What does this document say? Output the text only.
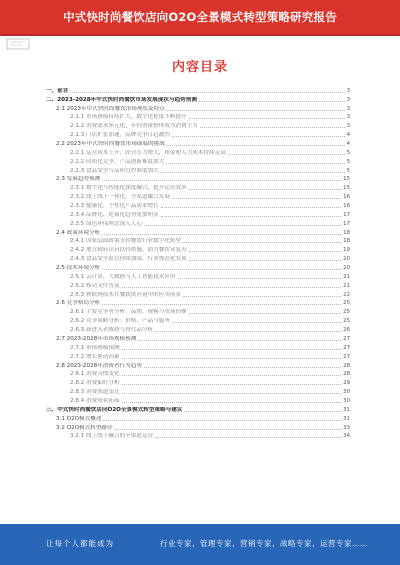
中式快时尚餐饮店向O2O全景模式转型策略研究报告
内容目录
一、前言	3
二、2023-2028年中式快时尚餐饮市场发展现状与趋势预测	3
2.1 2023年中式快时尚餐饮市场现状及特点	3
2.1.1 市场规模持续扩大，数字化程度不断提升	3
2.1.2 消费需求多元化，年轻消费群体成为消费主力	3
2.1.3 门店扩张加速，品牌竞争日趋激烈	4
2.2 2023年中式快时尚餐饮市场面临的挑战	4
2.2.1 运营成本上升，经营压力增大，租金和人力成本持续走高	5
2.2.2 同质化竞争，产品创新难度加大	5
2.2.3 食品安全与品质管控难度加大	5
2.3 发展趋势预测	15
2.3.1 数字化与智能化深度融合，提升运营效率	15
2.3.2 线上线下一体化，全渠道融合发展	16
2.3.3 健康化、个性化产品需求增长	16
2.3.4 品牌化、连锁化趋势更加明显	17
2.3.5 绿色环保理念深入人心	17
2.4 政策环境分析	18
2.4.1 国家层面政策支持餐饮行业数字化转型	18
2.4.2 地方政府出台扶持措施，助力餐饮业复苏	19
2.4.3 食品安全监管持续加强，行业规范化发展	20
2.5 技术环境分析	20
2.5.1 云计算、大数据与人工智能技术应用	21
2.5.2 移动支付普及	21
2.5.3 物联网技术在餐饮供应链中的应用前景	22
2.6 竞争格局分析	25
2.6.1 主要竞争者分析：品牌、规模与市场份额	25
2.6.2 竞争策略分析：价格、产品与服务	25
2.6.3 新进入者威胁与替代品分析	26
2.7 2023-2028年市场规模预测	27
2.7.1 市场规模预测	27
2.7.2 增长驱动因素	27
2.8 2023-2028年消费者行为趋势	28
2.8.1 消费习惯变化	28
2.8.2 消费偏好分析	29
2.8.3 消费渠道变迁	30
2.8.4 消费场景拓展	30
三、中式快时尚餐饮店向O2O全景模式转型策略与建议	31
3.1 O2O模式概述	31
3.2 O2O模式转型路径	33
3.2.1 线上线下融合的全渠道运营	34
让每个人都能成为	行业专家、管理专家、营销专家、战略专家、运营专家……
